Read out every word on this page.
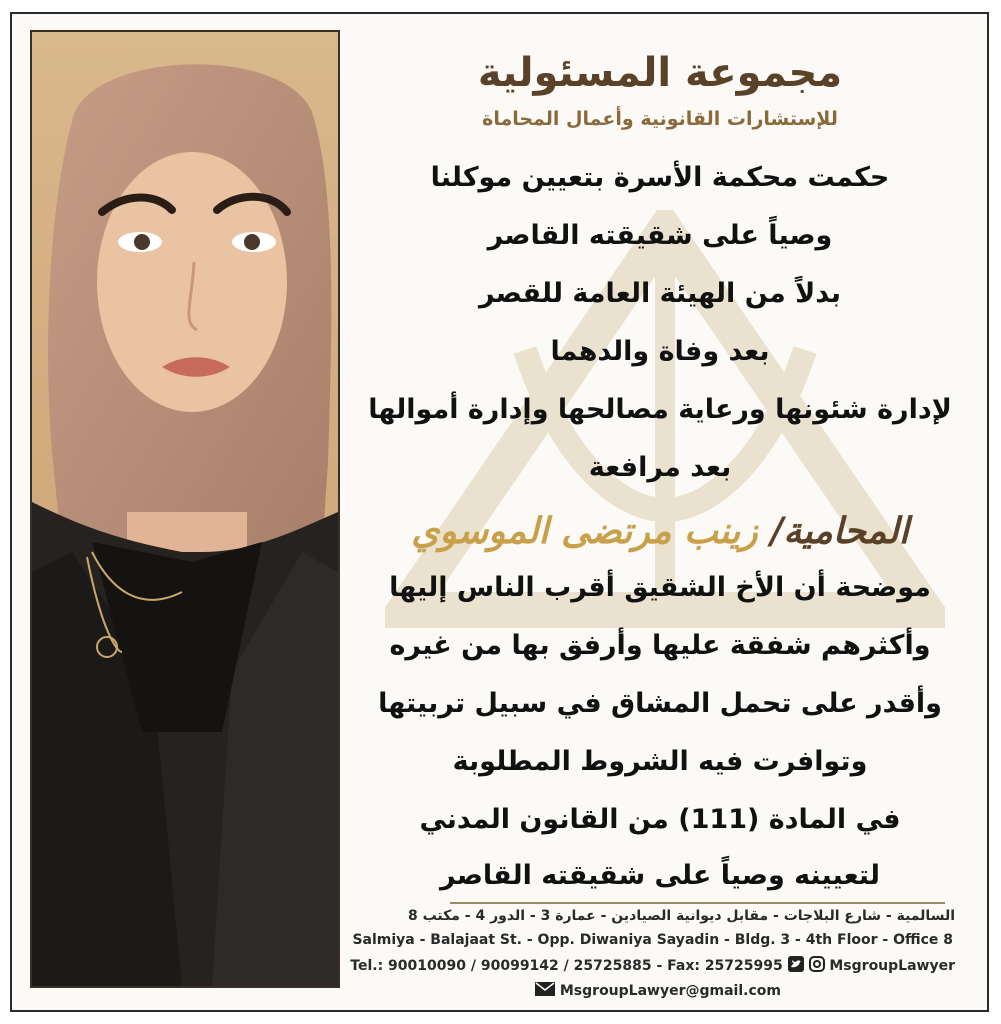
مجموعة المسئولية
للإستشارات القانونية وأعمال المحاماة
حكمت محكمة الأسرة بتعيين موكلنا
وصياً على شقيقته القاصر
بدلاً من الهيئة العامة للقصر
بعد وفاة والدهما
لإدارة شئونها ورعاية مصالحها وإدارة أموالها
بعد مرافعة
المحامية/ زينب مرتضى الموسوي
موضحة أن الأخ الشقيق أقرب الناس إليها
وأكثرهم شفقة عليها وأرفق بها من غيره
وأقدر على تحمل المشاق في سبيل تربيتها
وتوافرت فيه الشروط المطلوبة
في المادة (111) من القانون المدني
لتعيينه وصياً على شقيقته القاصر
السالمية - شارع البلاجات - مقابل ديوانية الصيادين - عمارة 3 - الدور 4 - مكتب 8
Salmiya - Balajaat St. - Opp. Diwaniya Sayadin - Bldg. 3 - 4th Floor - Office 8
Tel.: 90010090 / 90099142 / 25725885 - Fax: 25725995	MsgroupLawyer
MsgroupLawyer@gmail.com
